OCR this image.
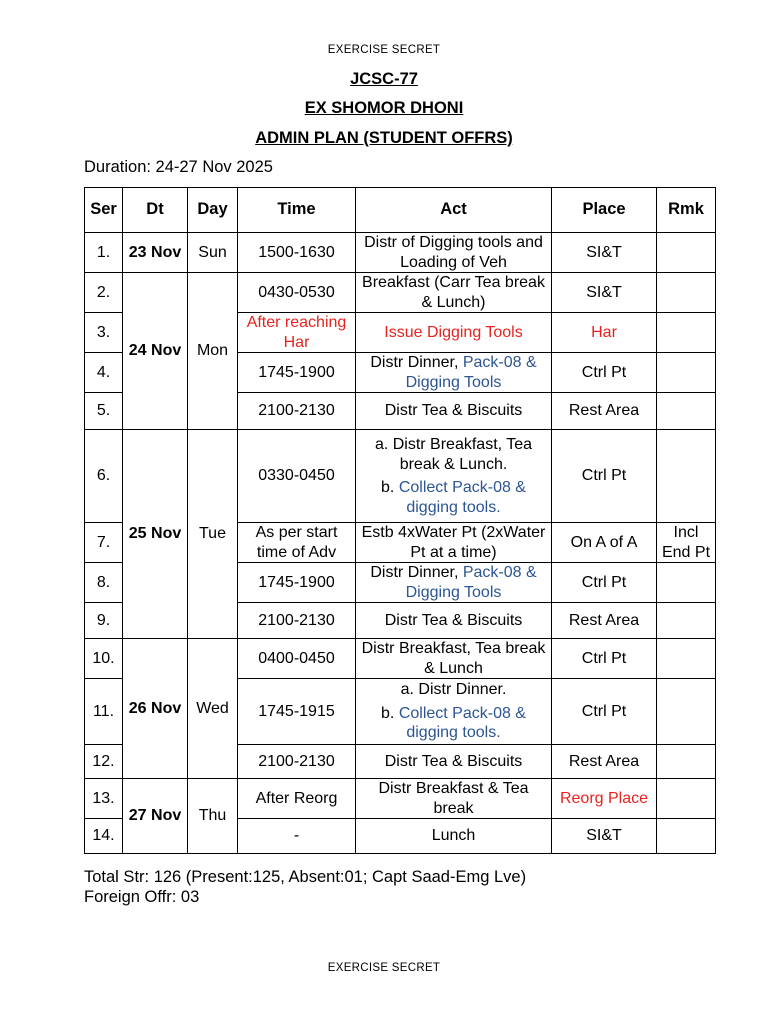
EXERCISE SECRET
JCSC-77
EX SHOMOR DHONI
ADMIN PLAN (STUDENT OFFRS)
Duration: 24-27 Nov 2025
Ser	Dt	Day	Time	Act	Place	Rmk
1.	23 Nov	Sun	1500-1630	Distr of Digging tools and Loading of Veh	SI&T	
2.	24 Nov	Mon	0430-0530	Breakfast (Carr Tea break & Lunch)	SI&T	
3.			After reaching Har	Issue Digging Tools	Har	
4.			1745-1900	Distr Dinner, Pack-08 & Digging Tools	Ctrl Pt	
5.			2100-2130	Distr Tea & Biscuits	Rest Area	
6.	25 Nov	Tue	0330-0450	a. Distr Breakfast, Tea break & Lunch.
b. Collect Pack-08 & digging tools.	Ctrl Pt	
7.			As per start time of Adv	Estb 4xWater Pt (2xWater Pt at a time)	On A of A	Incl End Pt
8.			1745-1900	Distr Dinner, Pack-08 & Digging Tools	Ctrl Pt	
9.			2100-2130	Distr Tea & Biscuits	Rest Area	
10.	26 Nov	Wed	0400-0450	Distr Breakfast, Tea break & Lunch	Ctrl Pt	
11.			1745-1915	a. Distr Dinner.
b. Collect Pack-08 & digging tools.	Ctrl Pt	
12.			2100-2130	Distr Tea & Biscuits	Rest Area	
13.	27 Nov	Thu	After Reorg	Distr Breakfast & Tea break	Reorg Place	
14.			-	Lunch	SI&T	
Total Str: 126 (Present:125, Absent:01; Capt Saad-Emg Lve)
Foreign Offr: 03
EXERCISE SECRET
